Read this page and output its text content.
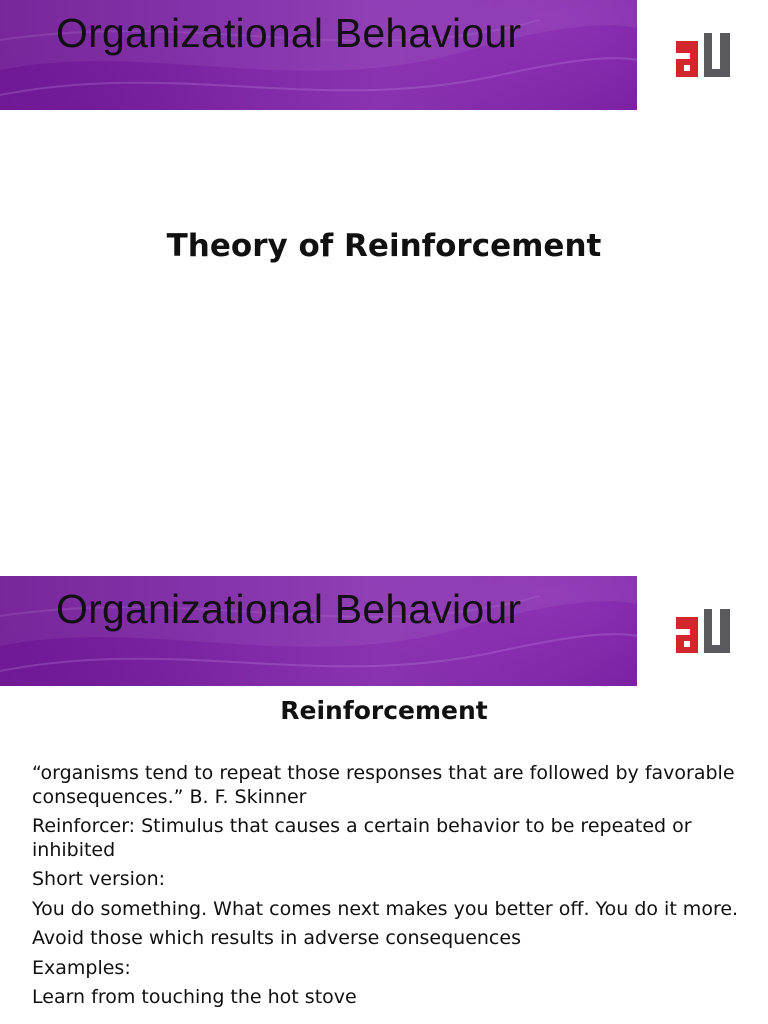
Organizational Behaviour
Theory of Reinforcement
Organizational Behaviour
Reinforcement

“organisms tend to repeat those responses that are followed by favorable consequences.” B. F. Skinner

Reinforcer: Stimulus that causes a certain behavior to be repeated or inhibited

Short version:

You do something. What comes next makes you better off. You do it more.

Avoid those which results in adverse consequences

Examples:

Learn from touching the hot stove
